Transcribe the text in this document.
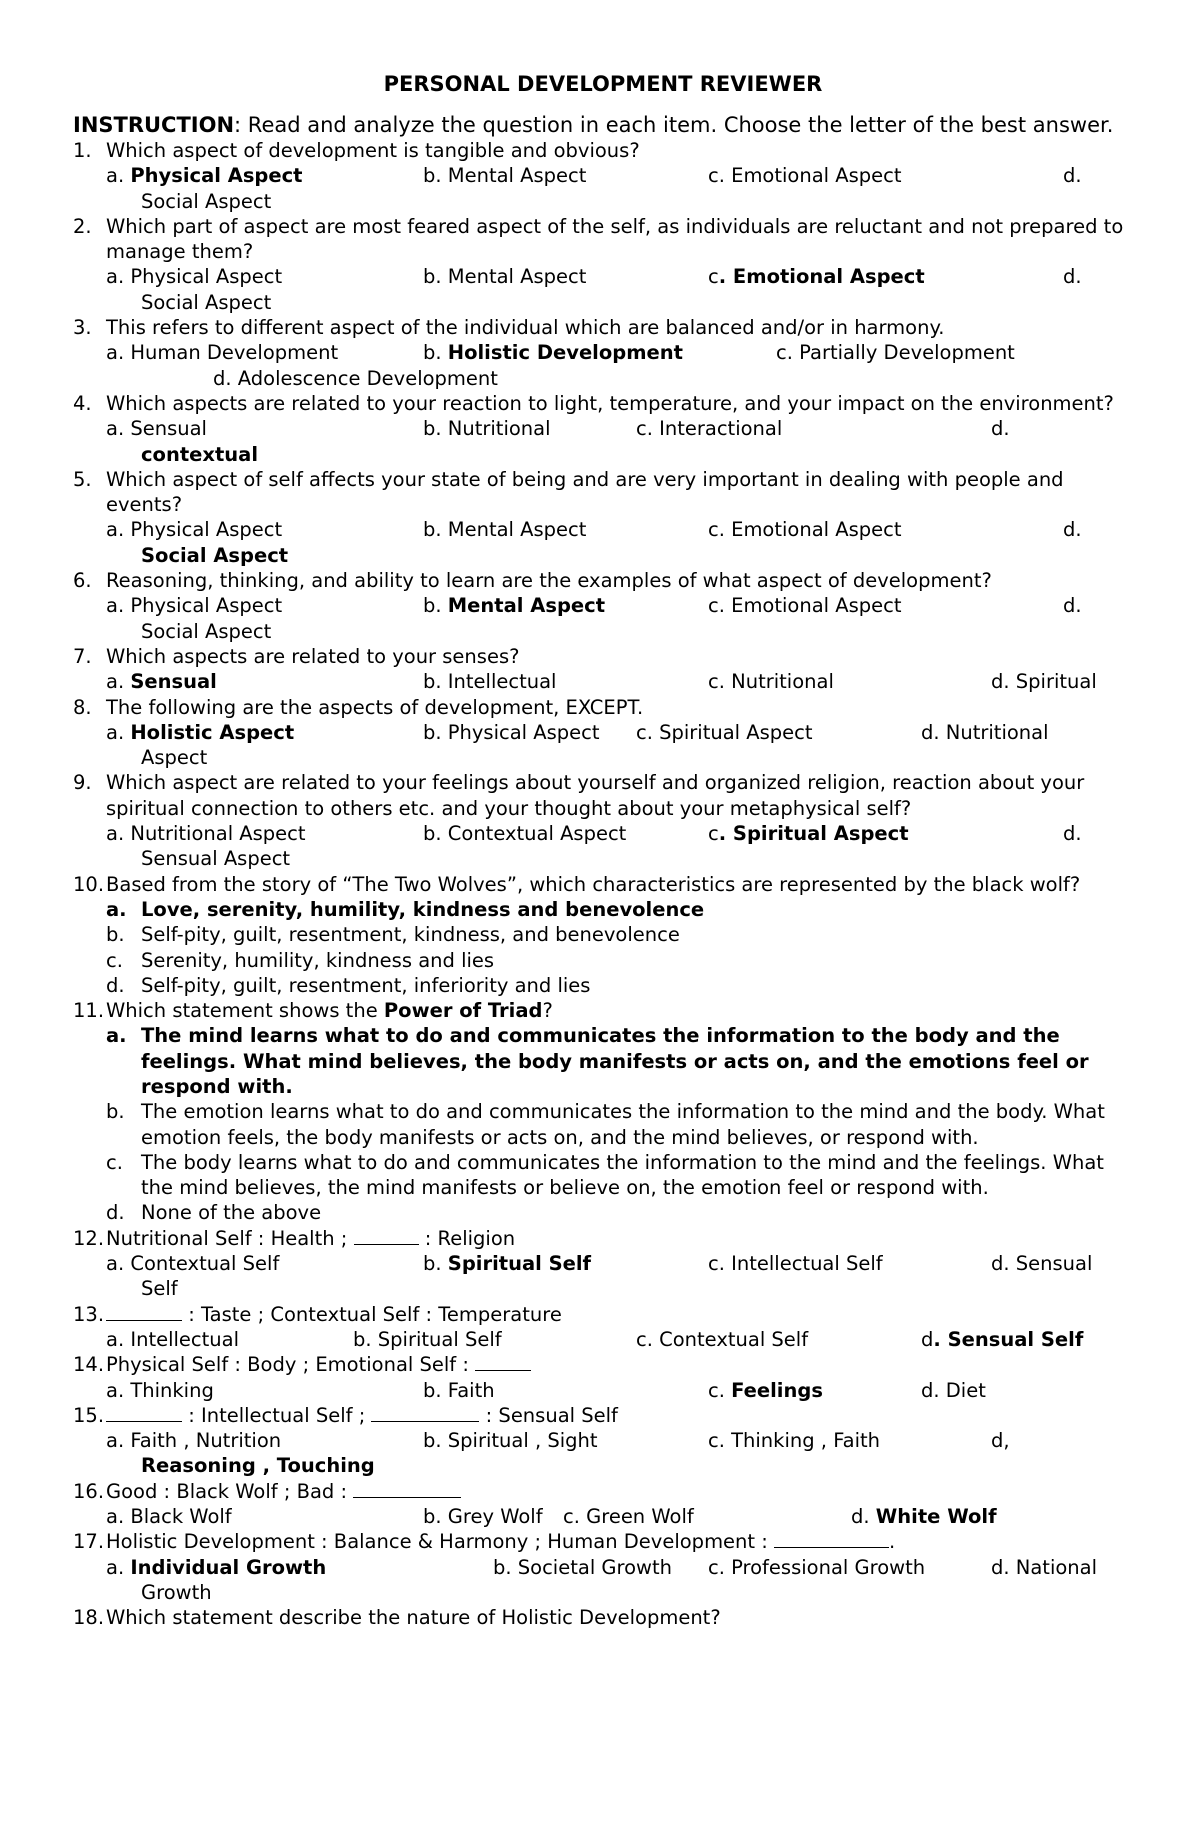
PERSONAL DEVELOPMENT REVIEWER

INSTRUCTION: Read and analyze the question in each item. Choose the letter of the best answer.

1. Which aspect of development is tangible and obvious?
a. Physical Aspect	b. Mental Aspect	c. Emotional Aspect	d.
Social Aspect
2. Which part of aspect are most feared aspect of the self, as individuals are reluctant and not prepared to manage them?
a. Physical Aspect	b. Mental Aspect	c. Emotional Aspect	d.
Social Aspect
3. This refers to different aspect of the individual which are balanced and/or in harmony.
a. Human Development	b. Holistic Development	c. Partially Development
d. Adolescence Development
4. Which aspects are related to your reaction to light, temperature, and your impact on the environment?
a. Sensual	b. Nutritional	c. Interactional	d.
contextual
5. Which aspect of self affects your state of being and are very important in dealing with people and events?
a. Physical Aspect	b. Mental Aspect	c. Emotional Aspect	d.
Social Aspect
6. Reasoning, thinking, and ability to learn are the examples of what aspect of development?
a. Physical Aspect	b. Mental Aspect	c. Emotional Aspect	d.
Social Aspect
7. Which aspects are related to your senses?
a. Sensual	b. Intellectual	c. Nutritional	d. Spiritual
8. The following are the aspects of development, EXCEPT.
a. Holistic Aspect	b. Physical Aspect c. Spiritual Aspect	d. Nutritional
Aspect
9. Which aspect are related to your feelings about yourself and organized religion, reaction about your spiritual connection to others etc. and your thought about your metaphysical self?
a. Nutritional Aspect	b. Contextual Aspect	c. Spiritual Aspect	d.
Sensual Aspect
10. Based from the story of “The Two Wolves”, which characteristics are represented by the black wolf?
a. Love, serenity, humility, kindness and benevolence
b. Self-pity, guilt, resentment, kindness, and benevolence
c. Serenity, humility, kindness and lies
d. Self-pity, guilt, resentment, inferiority and lies
11. Which statement shows the Power of Triad?
a. The mind learns what to do and communicates the information to the body and the feelings. What mind believes, the body manifests or acts on, and the emotions feel or respond with.
b. The emotion learns what to do and communicates the information to the mind and the body. What emotion feels, the body manifests or acts on, and the mind believes, or respond with.
c. The body learns what to do and communicates the information to the mind and the feelings. What the mind believes, the mind manifests or believe on, the emotion feel or respond with.
d. None of the above
12. Nutritional Self : Health ;	: Religion
a. Contextual Self	b. Spiritual Self	c. Intellectual Self	d. Sensual
Self
13.	: Taste ; Contextual Self : Temperature
a. Intellectual	b. Spiritual Self	c. Contextual Self	d. Sensual Self
14. Physical Self : Body ; Emotional Self :
a. Thinking	b. Faith	c. Feelings	d. Diet
15.	: Intellectual Self ;	: Sensual Self
a. Faith , Nutrition	b. Spiritual , Sight	c. Thinking , Faith	d,
Reasoning , Touching
16. Good : Black Wolf ; Bad :
a. Black Wolf	b. Grey Wolf c. Green Wolf	d. White Wolf
17. Holistic Development : Balance & Harmony ; Human Development :	.
a. Individual Growth	b. Societal Growth c. Professional Growth	d. National
Growth
18. Which statement describe the nature of Holistic Development?
